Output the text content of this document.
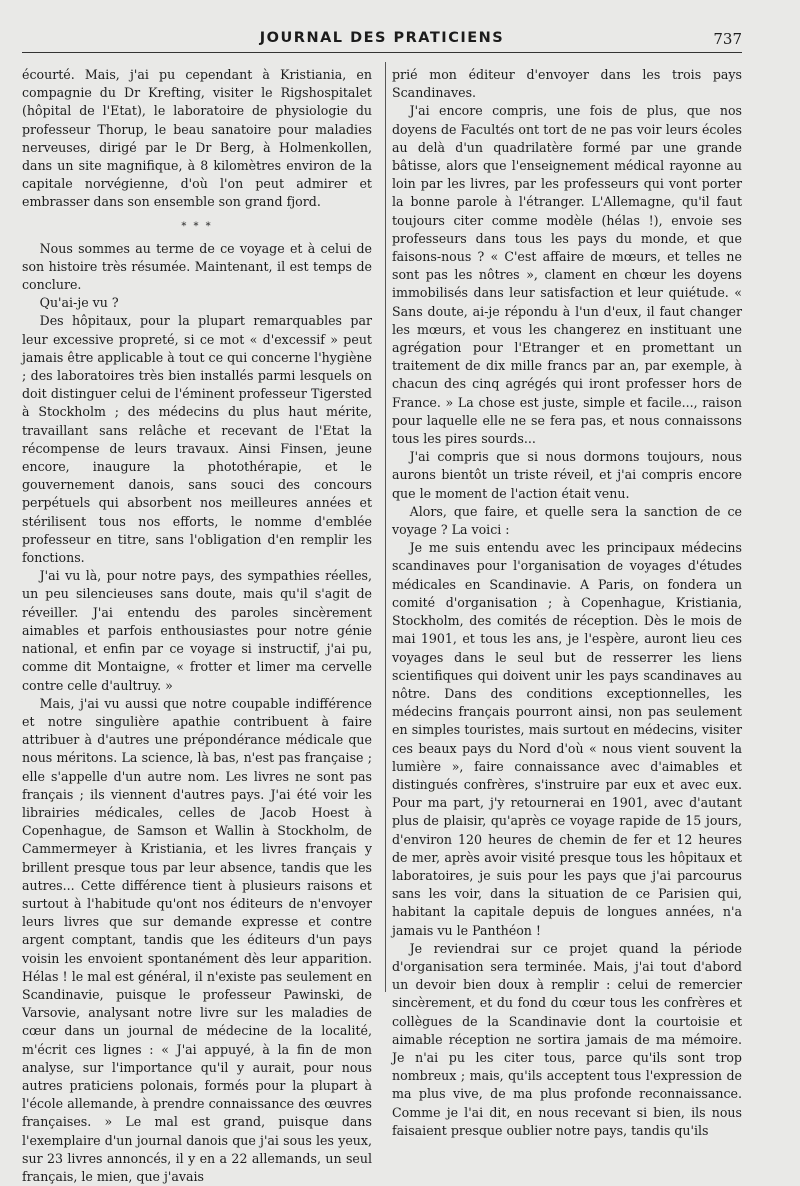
JOURNAL DES PRATICIENS	737

écourté. Mais, j'ai pu cependant à Kristiania, en compagnie du Dr Krefting, visiter le Rigshospitalet (hôpital de l'Etat), le laboratoire de physiologie du professeur Thorup, le beau sanatoire pour maladies nerveuses, dirigé par le Dr Berg, à Holmenkollen, dans un site magnifique, à 8 kilomètres environ de la capitale norvégienne, d'où l'on peut admirer et embrasser dans son ensemble son grand fjord.

* * *

Nous sommes au terme de ce voyage et à celui de son histoire très résumée. Maintenant, il est temps de conclure.

Qu'ai-je vu ?

Des hôpitaux, pour la plupart remarquables par leur excessive propreté, si ce mot « d'excessif » peut jamais être applicable à tout ce qui concerne l'hygiène ; des laboratoires très bien installés parmi lesquels on doit distinguer celui de l'éminent professeur Tigersted à Stockholm ; des médecins du plus haut mérite, travaillant sans relâche et recevant de l'Etat la récompense de leurs travaux. Ainsi Finsen, jeune encore, inaugure la photothérapie, et le gouvernement danois, sans souci des concours perpétuels qui absorbent nos meilleures années et stérilisent tous nos efforts, le nomme d'emblée professeur en titre, sans l'obligation d'en remplir les fonctions.

J'ai vu là, pour notre pays, des sympathies réelles, un peu silencieuses sans doute, mais qu'il s'agit de réveiller. J'ai entendu des paroles sincèrement aimables et parfois enthousiastes pour notre génie national, et enfin par ce voyage si instructif, j'ai pu, comme dit Montaigne, « frotter et limer ma cervelle contre celle d'aultruy. »

Mais, j'ai vu aussi que notre coupable indifférence et notre singulière apathie contribuent à faire attribuer à d'autres une prépondérance médicale que nous méritons. La science, là bas, n'est pas française ; elle s'appelle d'un autre nom. Les livres ne sont pas français ; ils viennent d'autres pays. J'ai été voir les librairies médicales, celles de Jacob Hoest à Copenhague, de Samson et Wallin à Stockholm, de Cammermeyer à Kristiania, et les livres français y brillent presque tous par leur absence, tandis que les autres... Cette différence tient à plusieurs raisons et surtout à l'habitude qu'ont nos éditeurs de n'envoyer leurs livres que sur demande expresse et contre argent comptant, tandis que les éditeurs d'un pays voisin les envoient spontanément dès leur apparition. Hélas ! le mal est général, il n'existe pas seulement en Scandinavie, puisque le professeur Pawinski, de Varsovie, analysant notre livre sur les maladies de cœur dans un journal de médecine de la localité, m'écrit ces lignes : « J'ai appuyé, à la fin de mon analyse, sur l'importance qu'il y aurait, pour nous autres praticiens polonais, formés pour la plupart à l'école allemande, à prendre connaissance des œuvres françaises. » Le mal est grand, puisque dans l'exemplaire d'un journal danois que j'ai sous les yeux, sur 23 livres annoncés, il y en a 22 allemands, un seul français, le mien, que j'avais

prié mon éditeur d'envoyer dans les trois pays Scandinaves.

J'ai encore compris, une fois de plus, que nos doyens de Facultés ont tort de ne pas voir leurs écoles au delà d'un quadrilatère formé par une grande bâtisse, alors que l'enseignement médical rayonne au loin par les livres, par les professeurs qui vont porter la bonne parole à l'étranger. L'Allemagne, qu'il faut toujours citer comme modèle (hélas !), envoie ses professeurs dans tous les pays du monde, et que faisons-nous ? « C'est affaire de mœurs, et telles ne sont pas les nôtres », clament en chœur les doyens immobilisés dans leur satisfaction et leur quiétude. « Sans doute, ai-je répondu à l'un d'eux, il faut changer les mœurs, et vous les changerez en instituant une agrégation pour l'Etranger et en promettant un traitement de dix mille francs par an, par exemple, à chacun des cinq agrégés qui iront professer hors de France. » La chose est juste, simple et facile..., raison pour laquelle elle ne se fera pas, et nous connaissons tous les pires sourds...

J'ai compris que si nous dormons toujours, nous aurons bientôt un triste réveil, et j'ai compris encore que le moment de l'action était venu.

Alors, que faire, et quelle sera la sanction de ce voyage ? La voici :

Je me suis entendu avec les principaux médecins scandinaves pour l'organisation de voyages d'études médicales en Scandinavie. A Paris, on fondera un comité d'organisation ; à Copenhague, Kristiania, Stockholm, des comités de réception. Dès le mois de mai 1901, et tous les ans, je l'espère, auront lieu ces voyages dans le seul but de resserrer les liens scientifiques qui doivent unir les pays scandinaves au nôtre. Dans des conditions exceptionnelles, les médecins français pourront ainsi, non pas seulement en simples touristes, mais surtout en médecins, visiter ces beaux pays du Nord d'où « nous vient souvent la lumière », faire connaissance avec d'aimables et distingués confrères, s'instruire par eux et avec eux. Pour ma part, j'y retournerai en 1901, avec d'autant plus de plaisir, qu'après ce voyage rapide de 15 jours, d'environ 120 heures de chemin de fer et 12 heures de mer, après avoir visité presque tous les hôpitaux et laboratoires, je suis pour les pays que j'ai parcourus sans les voir, dans la situation de ce Parisien qui, habitant la capitale depuis de longues années, n'a jamais vu le Panthéon !

Je reviendrai sur ce projet quand la période d'organisation sera terminée. Mais, j'ai tout d'abord un devoir bien doux à remplir : celui de remercier sincèrement, et du fond du cœur tous les confrères et collègues de la Scandinavie dont la courtoisie et aimable réception ne sortira jamais de ma mémoire. Je n'ai pu les citer tous, parce qu'ils sont trop nombreux ; mais, qu'ils acceptent tous l'expression de ma plus vive, de ma plus profonde reconnaissance. Comme je l'ai dit, en nous recevant si bien, ils nous faisaient presque oublier notre pays, tandis qu'ils
